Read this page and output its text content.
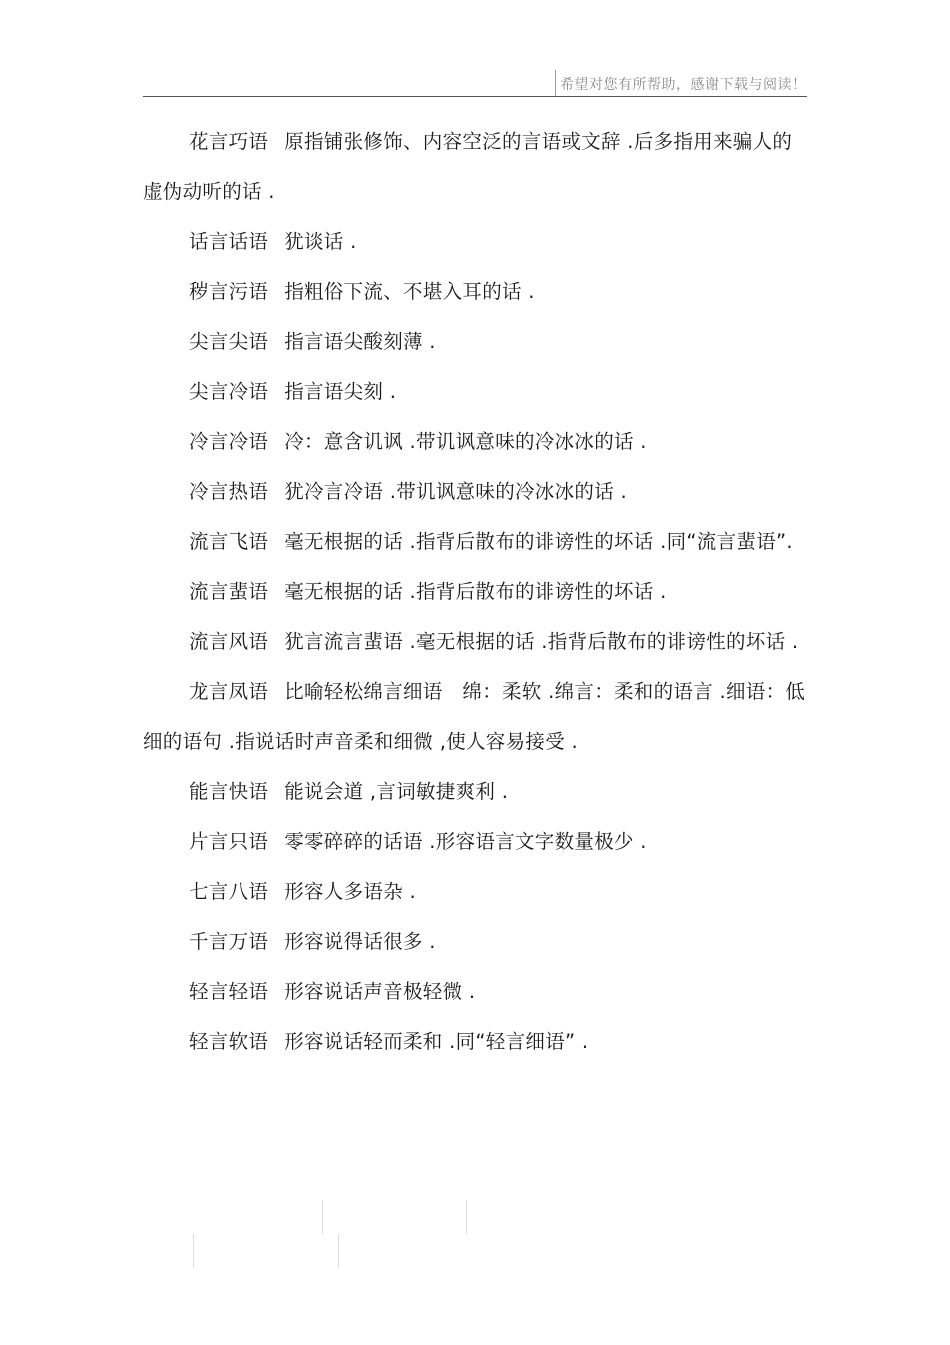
希望对您有所帮助，感谢下载与阅读！

花言巧语 原指铺张修饰、内容空泛的言语或文辞 .后多指用来骗人的虚伪动听的话 .

话言话语 犹谈话 .

秽言污语 指粗俗下流、不堪入耳的话 .

尖言尖语 指言语尖酸刻薄 .

尖言冷语 指言语尖刻 .

冷言冷语 冷：意含讥讽 .带讥讽意味的冷冰冰的话 .

冷言热语 犹冷言冷语 .带讥讽意味的冷冰冰的话 .

流言飞语 毫无根据的话 .指背后散布的诽谤性的坏话 .同“流言蜚语”.

流言蜚语 毫无根据的话 .指背后散布的诽谤性的坏话 .

流言风语 犹言流言蜚语 .毫无根据的话 .指背后散布的诽谤性的坏话 .

龙言凤语 比喻轻松绵言细语　绵：柔软 .绵言：柔和的语言 .细语：低细的语句 .指说话时声音柔和细微 ,使人容易接受 .

能言快语 能说会道 ,言词敏捷爽利 .

片言只语 零零碎碎的话语 .形容语言文字数量极少 .

七言八语 形容人多语杂 .

千言万语 形容说得话很多 .

轻言轻语 形容说话声音极轻微 .

轻言软语 形容说话轻而柔和 .同“轻言细语” .
